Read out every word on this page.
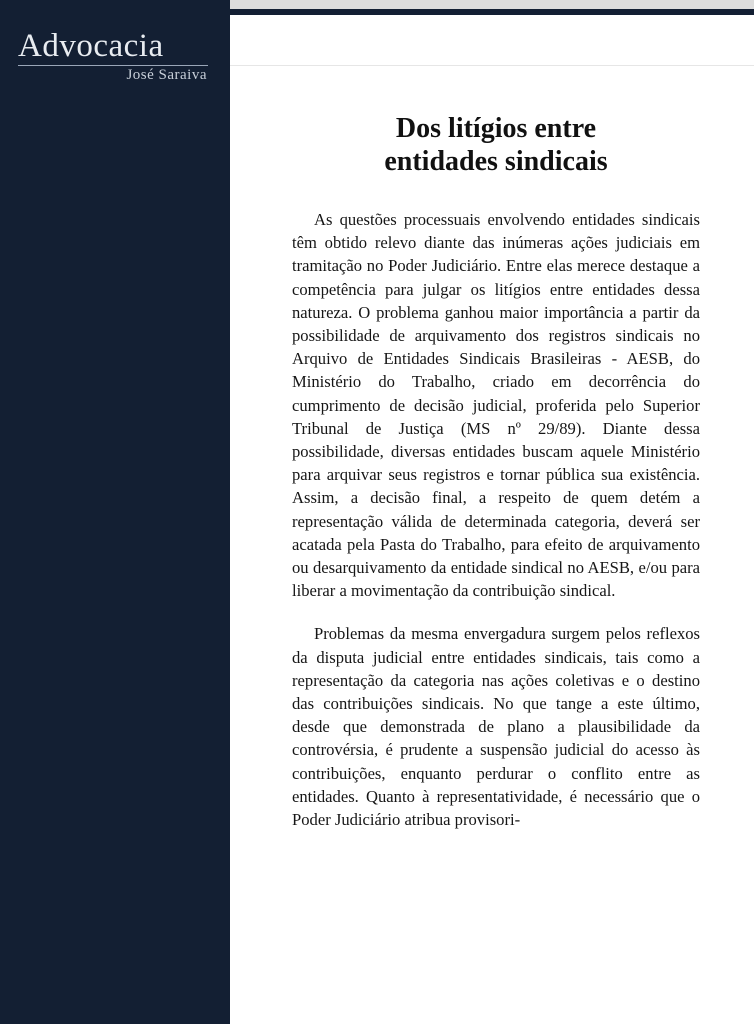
Advocacia
José Saraiva
Dos litígios entre
entidades sindicais

As questões processuais envolvendo entidades sindicais têm obtido relevo diante das inúmeras ações judiciais em tramitação no Poder Judiciário. Entre elas merece destaque a competência para julgar os litígios entre entidades dessa natureza. O problema ganhou maior importância a partir da possibilidade de arquivamento dos registros sindicais no Arquivo de Entidades Sindicais Brasileiras - AESB, do Ministério do Trabalho, criado em decorrência do cumprimento de decisão judicial, proferida pelo Superior Tribunal de Justiça (MS nº 29/89). Diante dessa possibilidade, diversas entidades buscam aquele Ministério para arquivar seus registros e tornar pública sua existência. Assim, a decisão final, a respeito de quem detém a representação válida de determinada categoria, deverá ser acatada pela Pasta do Trabalho, para efeito de arquivamento ou desarquivamento da entidade sindical no AESB, e/ou para liberar a movimentação da contribuição sindical.

Problemas da mesma envergadura surgem pelos reflexos da disputa judicial entre entidades sindicais, tais como a representação da categoria nas ações coletivas e o destino das contribuições sindicais. No que tange a este último, desde que demonstrada de plano a plausibilidade da controvérsia, é prudente a suspensão judicial do acesso às contribuições, enquanto perdurar o conflito entre as entidades. Quanto à representatividade, é necessário que o Poder Judiciário atribua provisori-
